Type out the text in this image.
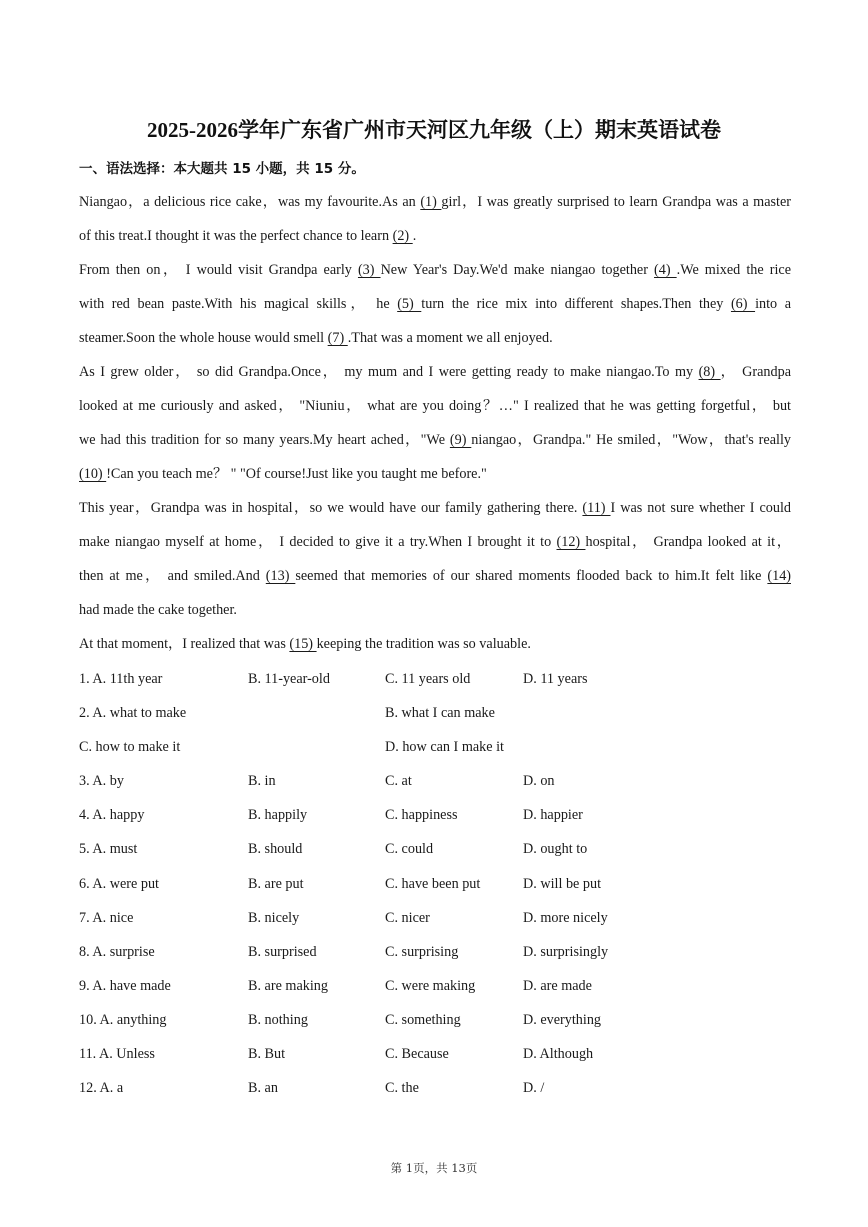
2025-2026学年广东省广州市天河区九年级（上）期末英语试卷
一、语法选择：本大题共 15 小题，共 15 分。
Niangao，a delicious rice cake，was my favourite.As an (1) girl，I was greatly surprised to learn Grandpa was a master
of this treat.I thought it was the perfect chance to learn (2) .
From then on， I would visit Grandpa early (3) New Year's Day.We'd make niangao together (4) .We mixed the rice
with red bean paste.With his magical skills， he (5) turn the rice mix into different shapes.Then they (6) into a
steamer.Soon the whole house would smell (7) .That was a moment we all enjoyed.
As I grew older， so did Grandpa.Once， my mum and I were getting ready to make niangao.To my (8) ， Grandpa
looked at me curiously and asked， "Niuniu， what are you doing？…" I realized that he was getting forgetful， but
we had this tradition for so many years.My heart ached，"We (9) niangao，Grandpa." He smiled，"Wow，that's really
(10) !Can you teach me？ " "Of course!Just like you taught me before."
This year，Grandpa was in hospital，so we would have our family gathering there. (11) I was not sure whether I could
make niangao myself at home， I decided to give it a try.When I brought it to (12) hospital， Grandpa looked at it，
then at me， and smiled.And (13) seemed that memories of our shared moments flooded back to him.It felt like (14)
had made the cake together.
At that moment，I realized that was (15) keeping the tradition was so valuable.
1. A. 11th year	B. 11-year-old	C. 11 years old	D. 11 years
2. A. what to make	B. what I can make
C. how to make it	D. how can I make it
3. A. by	B. in	C. at	D. on
4. A. happy	B. happily	C. happiness	D. happier
5. A. must	B. should	C. could	D. ought to
6. A. were put	B. are put	C. have been put	D. will be put
7. A. nice	B. nicely	C. nicer	D. more nicely
8. A. surprise	B. surprised	C. surprising	D. surprisingly
9. A. have made	B. are making	C. were making	D. are made
10. A. anything	B. nothing	C. something	D. everything
11. A. Unless	B. But	C. Because	D. Although
12. A. a	B. an	C. the	D. /
第 1页，共 13页
